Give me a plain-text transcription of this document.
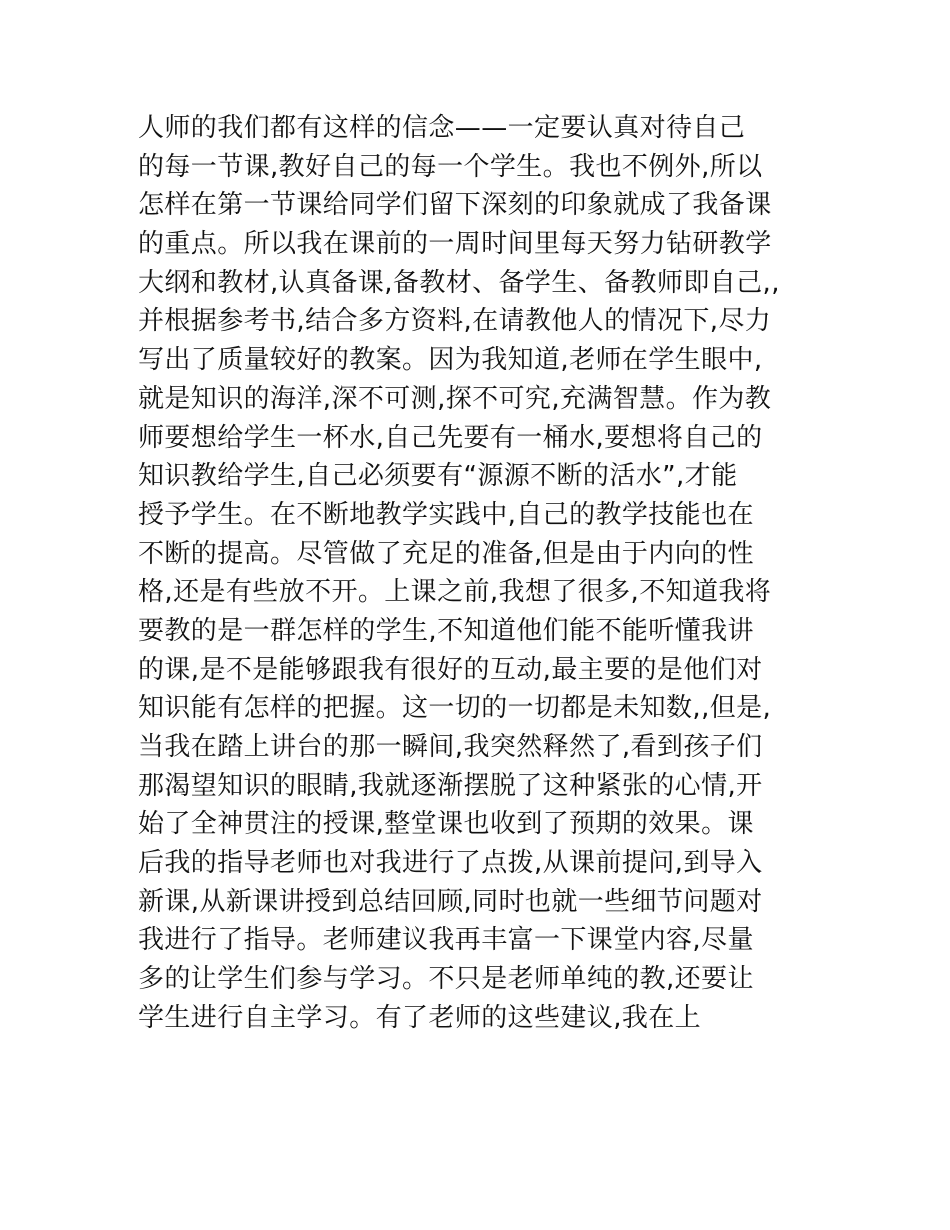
人师的我们都有这样的信念——一定要认真对待自己
的每一节课,教好自己的每一个学生。我也不例外,所以
怎样在第一节课给同学们留下深刻的印象就成了我备课
的重点。所以我在课前的一周时间里每天努力钻研教学
大纲和教材,认真备课,备教材、备学生、备教师即自己,,
并根据参考书,结合多方资料,在请教他人的情况下,尽力
写出了质量较好的教案。因为我知道,老师在学生眼中,
就是知识的海洋,深不可测,探不可究,充满智慧。作为教
师要想给学生一杯水,自己先要有一桶水,要想将自己的
知识教给学生,自己必须要有“源源不断的活水”,才能
授予学生。在不断地教学实践中,自己的教学技能也在
不断的提高。尽管做了充足的准备,但是由于内向的性
格,还是有些放不开。上课之前,我想了很多,不知道我将
要教的是一群怎样的学生,不知道他们能不能听懂我讲
的课,是不是能够跟我有很好的互动,最主要的是他们对
知识能有怎样的把握。这一切的一切都是未知数,,但是,
当我在踏上讲台的那一瞬间,我突然释然了,看到孩子们
那渴望知识的眼睛,我就逐渐摆脱了这种紧张的心情,开
始了全神贯注的授课,整堂课也收到了预期的效果。课
后我的指导老师也对我进行了点拨,从课前提问,到导入
新课,从新课讲授到总结回顾,同时也就一些细节问题对
我进行了指导。老师建议我再丰富一下课堂内容,尽量
多的让学生们参与学习。不只是老师单纯的教,还要让
学生进行自主学习。有了老师的这些建议,我在上
